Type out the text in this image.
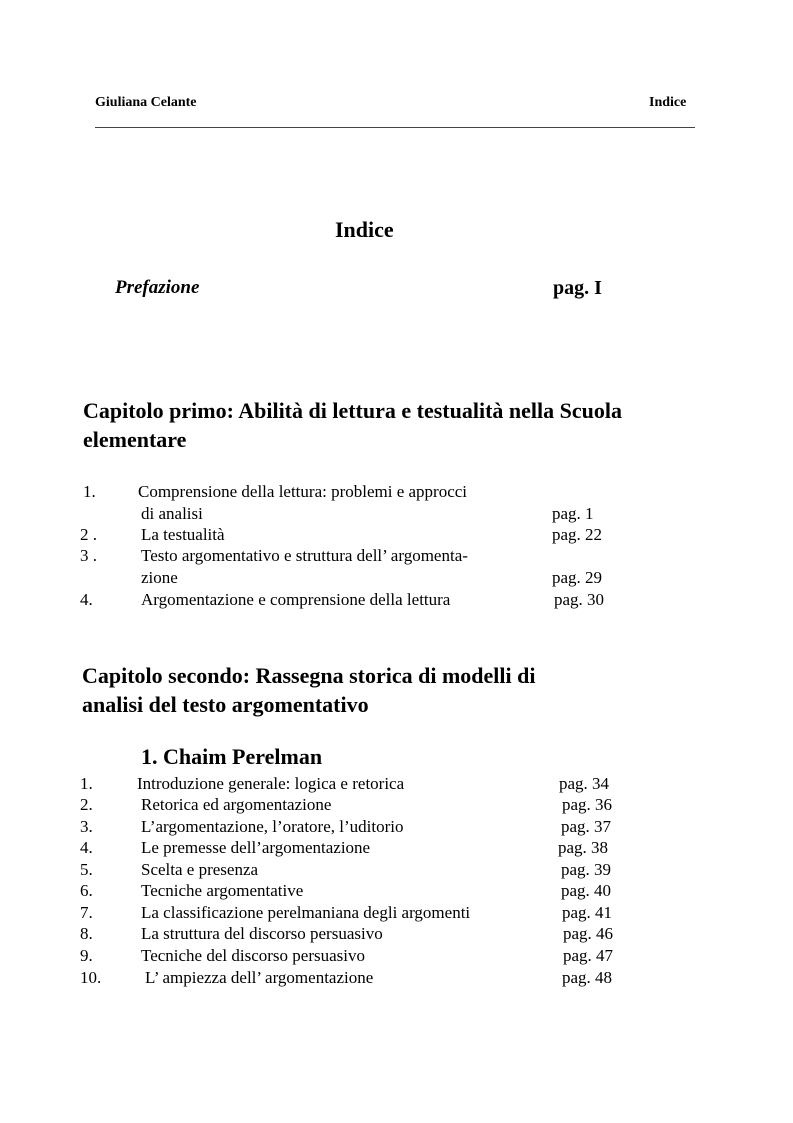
Giuliana Celante	Indice
Indice
Prefazione	pag. I
Capitolo primo: Abilità di lettura e testualità nella Scuola
elementare
1. Comprensione della lettura: problemi e approcci
di analisi	pag. 1
2 .	La testualità	pag. 22
3 .	Testo argomentativo e struttura dell’ argomenta-
zione	pag. 29
4.	Argomentazione e comprensione della lettura	pag. 30
Capitolo secondo: Rassegna storica di modelli di
analisi del testo argomentativo
1. Chaim Perelman
1.	Introduzione generale: logica e retorica	pag. 34
2.	Retorica ed argomentazione	pag. 36
3.	L’argomentazione, l’oratore, l’uditorio	pag. 37
4.	Le premesse dell’argomentazione	pag. 38
5.	Scelta e presenza	pag. 39
6.	Tecniche argomentative	pag. 40
7.	La classificazione perelmaniana degli argomenti	pag. 41
8.	La struttura del discorso persuasivo	pag. 46
9.	Tecniche del discorso persuasivo	pag. 47
10.	L’ ampiezza dell’ argomentazione	pag. 48
